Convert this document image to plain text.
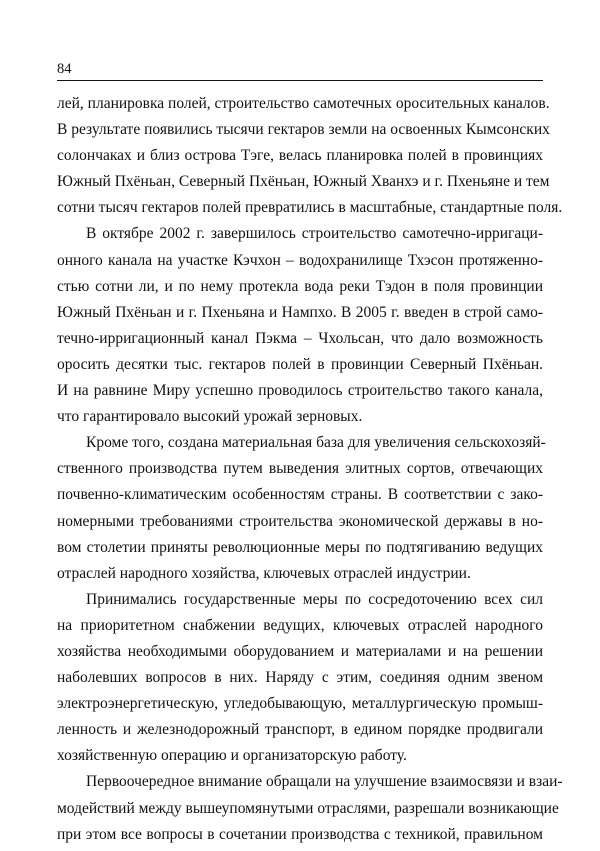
84
лей, планировка полей, строительство самотечных оросительных каналов.
В результате появились тысячи гектаров земли на освоенных Кымсонских
солончаках и близ острова Тэге, велась планировка полей в провинциях
Южный Пхёньан, Северный Пхёньан, Южный Хванхэ и г. Пхеньяне и тем
сотни тысяч гектаров полей превратились в масштабные, стандартные поля.
В октябре 2002 г. завершилось строительство самотечно-ирригаци-
онного канала на участке Кэчхон – водохранилище Тхэсон протяженно-
стью сотни ли, и по нему протекла вода реки Тэдон в поля провинции
Южный Пхёньан и г. Пхеньяна и Нампхо. В 2005 г. введен в строй само-
течно-ирригационный канал Пэкма – Чхольсан, что дало возможность
оросить десятки тыс. гектаров полей в провинции Северный Пхёньан.
И на равнине Миру успешно проводилось строительство такого канала,
что гарантировало высокий урожай зерновых.
Кроме того, создана материальная база для увеличения сельскохозяй-
ственного производства путем выведения элитных сортов, отвечающих
почвенно-климатическим особенностям страны. В соответствии с зако-
номерными требованиями строительства экономической державы в но-
вом столетии приняты революционные меры по подтягиванию ведущих
отраслей народного хозяйства, ключевых отраслей индустрии.
Принимались государственные меры по сосредоточению всех сил
на приоритетном снабжении ведущих, ключевых отраслей народного
хозяйства необходимыми оборудованием и материалами и на решении
наболевших вопросов в них. Наряду с этим, соединяя одним звеном
электроэнергетическую, угледобывающую, металлургическую промыш-
ленность и железнодорожный транспорт, в едином порядке продвигали
хозяйственную операцию и организаторскую работу.
Первоочередное внимание обращали на улучшение взаимосвязи и взаи-
модействий между вышеупомянутыми отраслями, разрешали возникающие
при этом все вопросы в сочетании производства с техникой, правильном
